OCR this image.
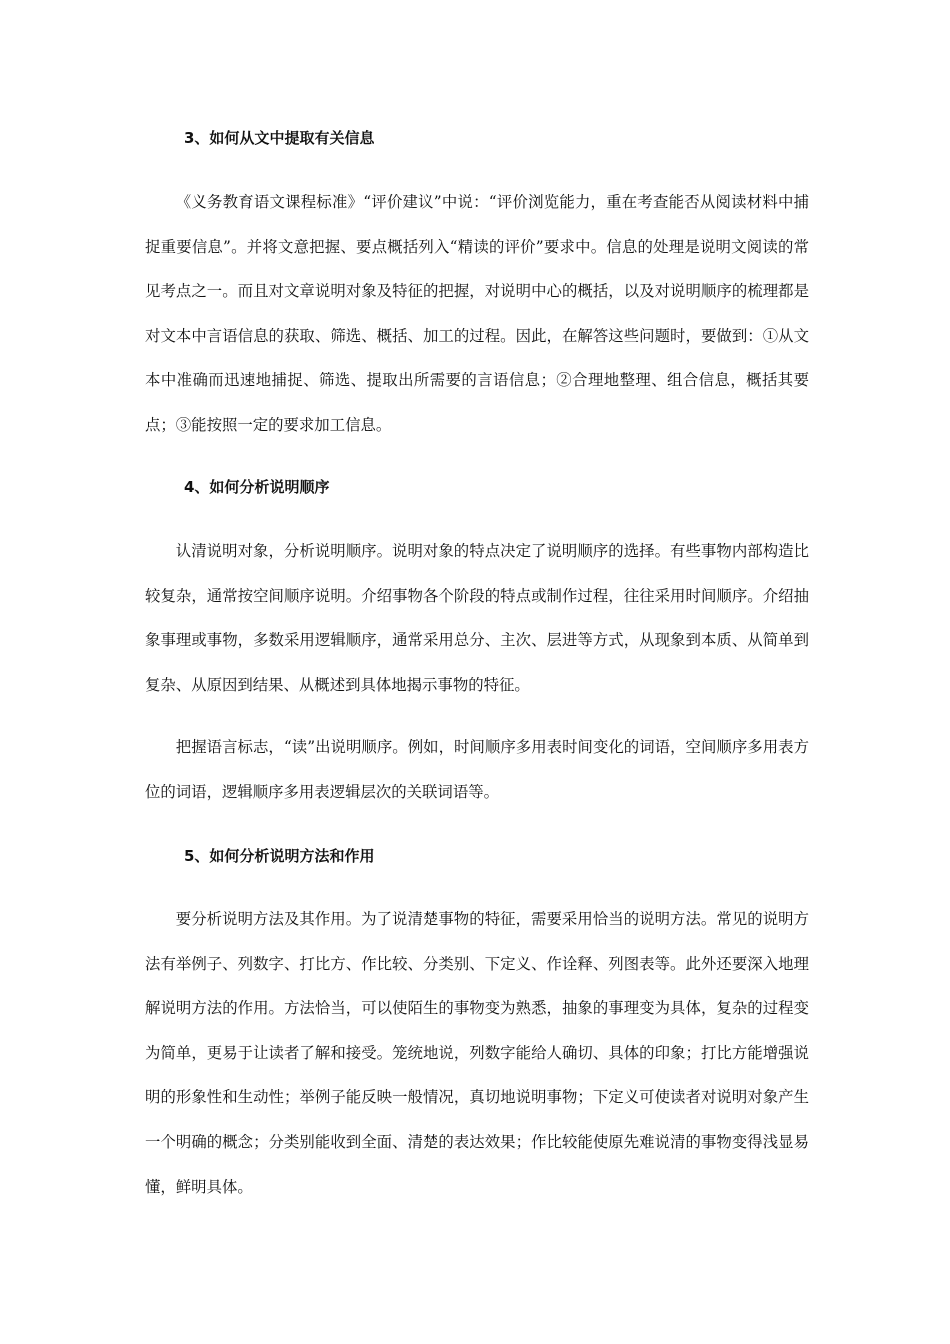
3、如何从文中提取有关信息
《义务教育语文课程标准》“评价建议”中说：“评价浏览能力，重在考查能否从阅读材料中捕捉重要信息”。并将文意把握、要点概括列入“精读的评价”要求中。信息的处理是说明文阅读的常见考点之一。而且对文章说明对象及特征的把握，对说明中心的概括，以及对说明顺序的梳理都是对文本中言语信息的获取、筛选、概括、加工的过程。因此，在解答这些问题时，要做到：①从文本中准确而迅速地捕捉、筛选、提取出所需要的言语信息；②合理地整理、组合信息，概括其要点；③能按照一定的要求加工信息。
4、如何分析说明顺序
认清说明对象，分析说明顺序。说明对象的特点决定了说明顺序的选择。有些事物内部构造比较复杂，通常按空间顺序说明。介绍事物各个阶段的特点或制作过程，往往采用时间顺序。介绍抽象事理或事物，多数采用逻辑顺序，通常采用总分、主次、层进等方式，从现象到本质、从简单到复杂、从原因到结果、从概述到具体地揭示事物的特征。
把握语言标志，“读”出说明顺序。例如，时间顺序多用表时间变化的词语，空间顺序多用表方位的词语，逻辑顺序多用表逻辑层次的关联词语等。
5、如何分析说明方法和作用
要分析说明方法及其作用。为了说清楚事物的特征，需要采用恰当的说明方法。常见的说明方法有举例子、列数字、打比方、作比较、分类别、下定义、作诠释、列图表等。此外还要深入地理解说明方法的作用。方法恰当，可以使陌生的事物变为熟悉，抽象的事理变为具体，复杂的过程变为简单，更易于让读者了解和接受。笼统地说，列数字能给人确切、具体的印象；打比方能增强说明的形象性和生动性；举例子能反映一般情况，真切地说明事物；下定义可使读者对说明对象产生一个明确的概念；分类别能收到全面、清楚的表达效果；作比较能使原先难说清的事物变得浅显易懂，鲜明具体。
